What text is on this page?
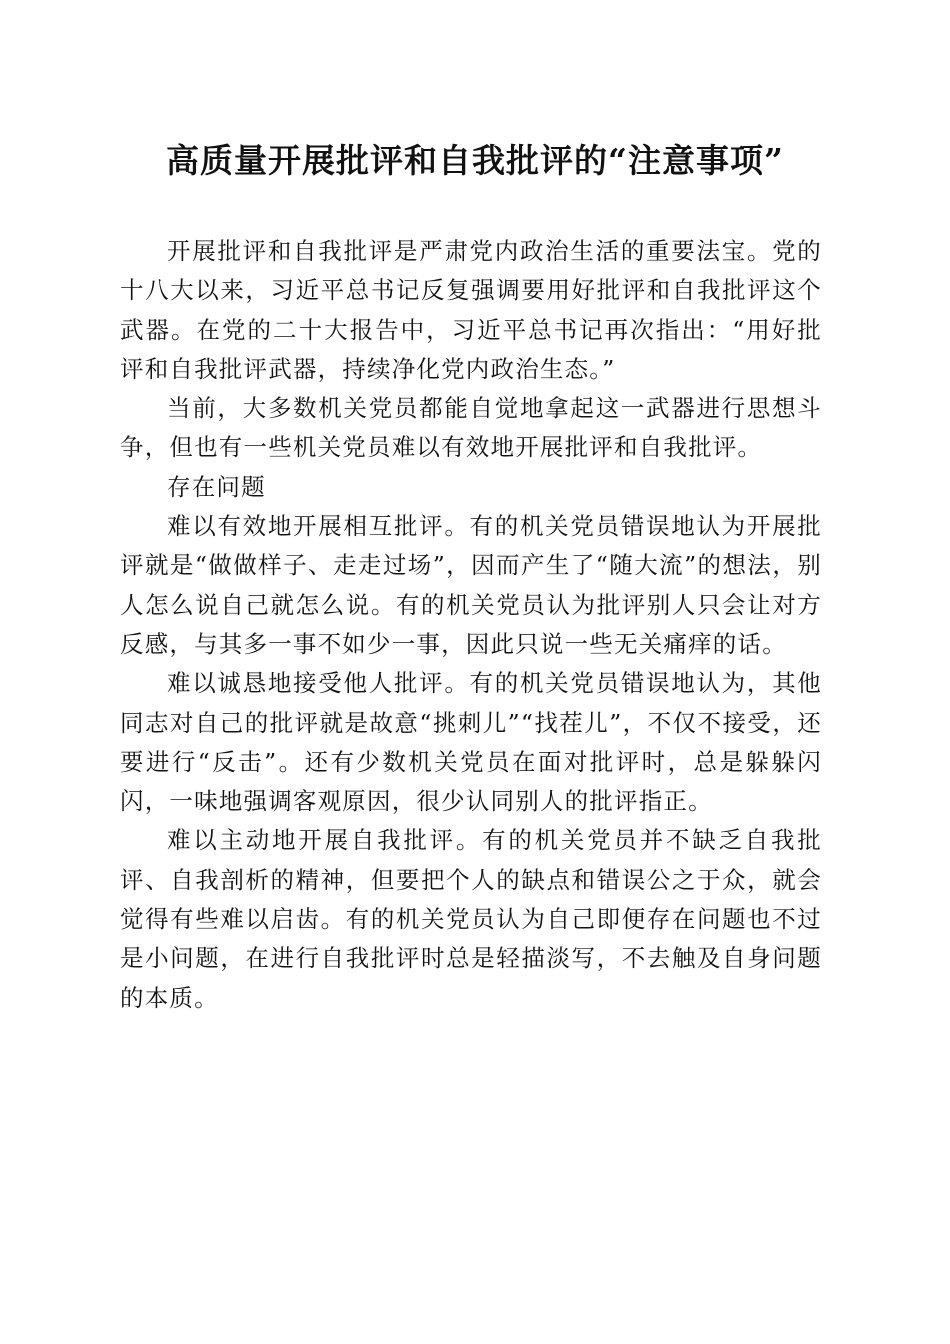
高质量开展批评和自我批评的“注意事项”

开展批评和自我批评是严肃党内政治生活的重要法宝。党的十八大以来，习近平总书记反复强调要用好批评和自我批评这个武器。在党的二十大报告中，习近平总书记再次指出：“用好批评和自我批评武器，持续净化党内政治生态。”

当前，大多数机关党员都能自觉地拿起这一武器进行思想斗争，但也有一些机关党员难以有效地开展批评和自我批评。

存在问题

难以有效地开展相互批评。有的机关党员错误地认为开展批评就是“做做样子、走走过场”，因而产生了“随大流”的想法，别人怎么说自己就怎么说。有的机关党员认为批评别人只会让对方反感，与其多一事不如少一事，因此只说一些无关痛痒的话。

难以诚恳地接受他人批评。有的机关党员错误地认为，其他同志对自己的批评就是故意“挑刺儿”“找茬儿”，不仅不接受，还要进行“反击”。还有少数机关党员在面对批评时，总是躲躲闪闪，一味地强调客观原因，很少认同别人的批评指正。

难以主动地开展自我批评。有的机关党员并不缺乏自我批评、自我剖析的精神，但要把个人的缺点和错误公之于众，就会觉得有些难以启齿。有的机关党员认为自己即便存在问题也不过是小问题，在进行自我批评时总是轻描淡写，不去触及自身问题的本质。
